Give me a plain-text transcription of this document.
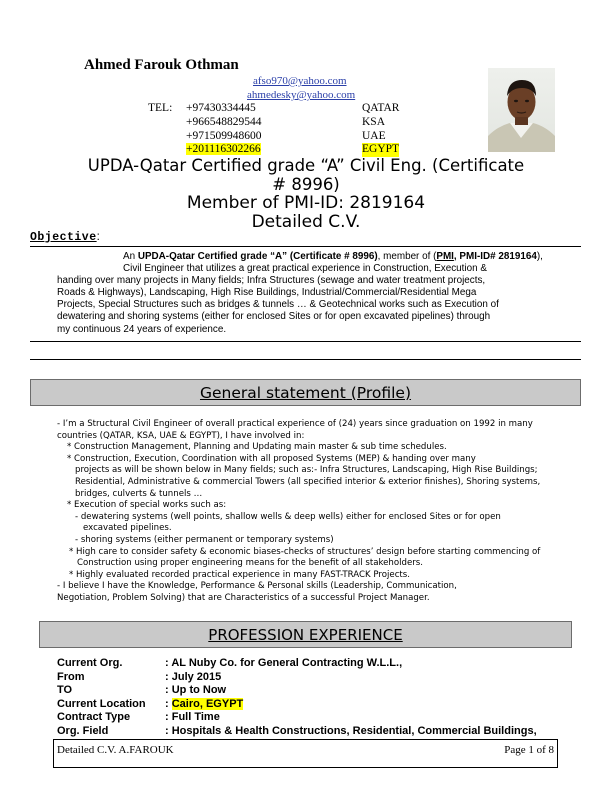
Ahmed Farouk Othman
afso970@yahoo.com
ahmedesky@yahoo.com
TEL: +97430334445	QATAR
+966548829544	KSA
+971509948600	UAE
+201116302266	EGYPT
UPDA-Qatar Certified grade “A” Civil Eng. (Certificate
# 8996)
Member of PMI-ID: 2819164
Detailed C.V.
Objective:
An UPDA-Qatar Certified grade “A” (Certificate # 8996), member of (PMI, PMI-ID# 2819164), Civil Engineer that utilizes a great practical experience in Construction, Execution &
handing over many projects in Many fields; Infra Structures (sewage and water treatment projects,
Roads & Highways), Landscaping, High Rise Buildings, Industrial/Commercial/Residential Mega
Projects, Special Structures such as bridges & tunnels … & Geotechnical works such as Execution of
dewatering and shoring systems (either for enclosed Sites or for open excavated pipelines) through
my continuous 24 years of experience.
General statement (Profile)
- I’m a Structural Civil Engineer of overall practical experience of (24) years since graduation on 1992 in many
countries (QATAR, KSA, UAE & EGYPT), I have involved in:
* Construction Management, Planning and Updating main master & sub time schedules.
* Construction, Execution, Coordination with all proposed Systems (MEP) & handing over many
projects as will be shown below in Many fields; such as:- Infra Structures, Landscaping, High Rise Buildings;
Residential, Administrative & commercial Towers (all specified interior & exterior finishes), Shoring systems,
bridges, culverts & tunnels …
* Execution of special works such as:
- dewatering systems (well points, shallow wells & deep wells) either for enclosed Sites or for open
excavated pipelines.
- shoring systems (either permanent or temporary systems)
* High care to consider safety & economic biases-checks of structures’ design before starting commencing of
Construction using proper engineering means for the benefit of all stakeholders.
* Highly evaluated recorded practical experience in many FAST-TRACK Projects.
- I believe I have the Knowledge, Performance & Personal skills (Leadership, Communication,
Negotiation, Problem Solving) that are Characteristics of a successful Project Manager.
PROFESSION EXPERIENCE
Current Org.	: AL Nuby Co. for General Contracting W.L.L.,
From	: July 2015
TO	: Up to Now
Current Location : Cairo, EGYPT
Contract Type	: Full Time
Org. Field	: Hospitals & Health Constructions, Residential, Commercial Buildings,
Detailed C.V. A.FAROUK	Page 1 of 8
